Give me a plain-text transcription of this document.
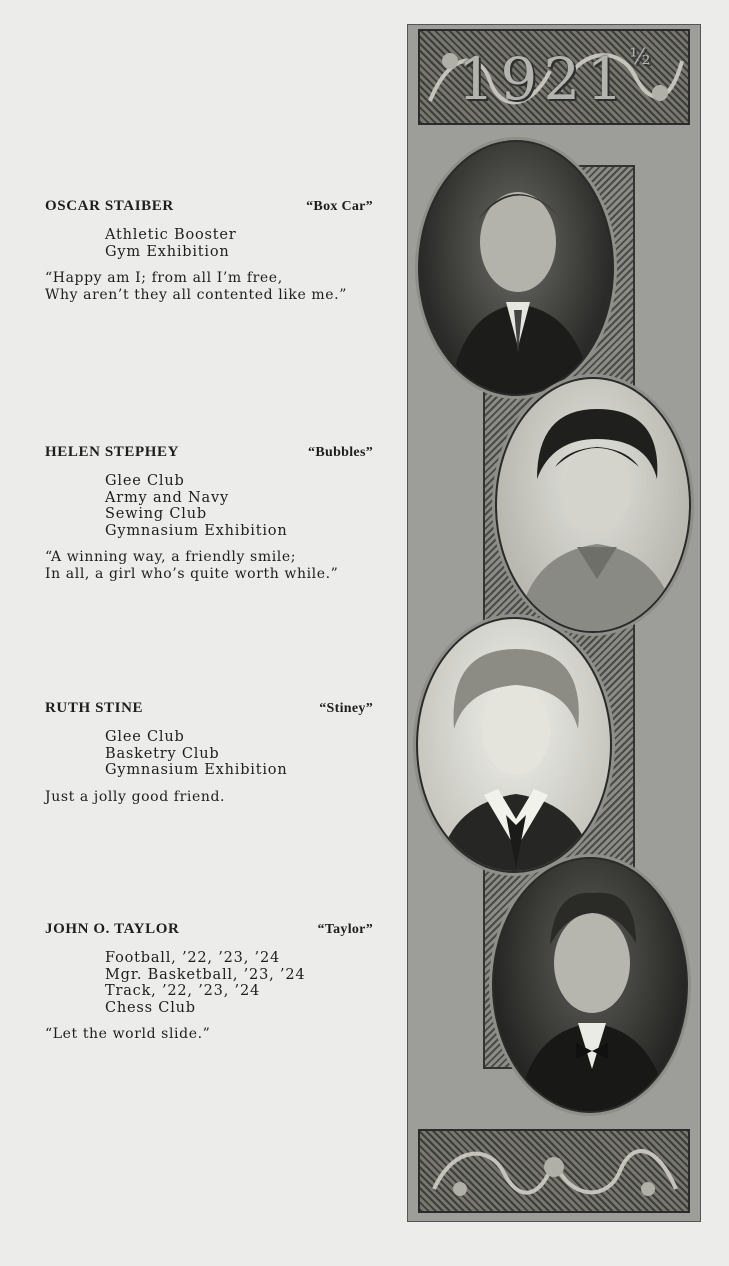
OSCAR STAIBER	“Box Car”
Athletic Booster
Gym Exhibition
“Happy am I; from all I’m free,
Why aren’t they all contented like me.”
HELEN STEPHEY	“Bubbles”
Glee Club
Army and Navy
Sewing Club
Gymnasium Exhibition
“A winning way, a friendly smile;
In all, a girl who’s quite worth while.”
RUTH STINE	“Stiney”
Glee Club
Basketry Club
Gymnasium Exhibition
Just a jolly good friend.
JOHN O. TAYLOR	“Taylor”
Football, ’22, ’23, ’24
Mgr. Basketball, ’23, ’24
Track, ’22, ’23, ’24
Chess Club
“Let the world slide.”
$1921^{\frac{1}{2}}$
